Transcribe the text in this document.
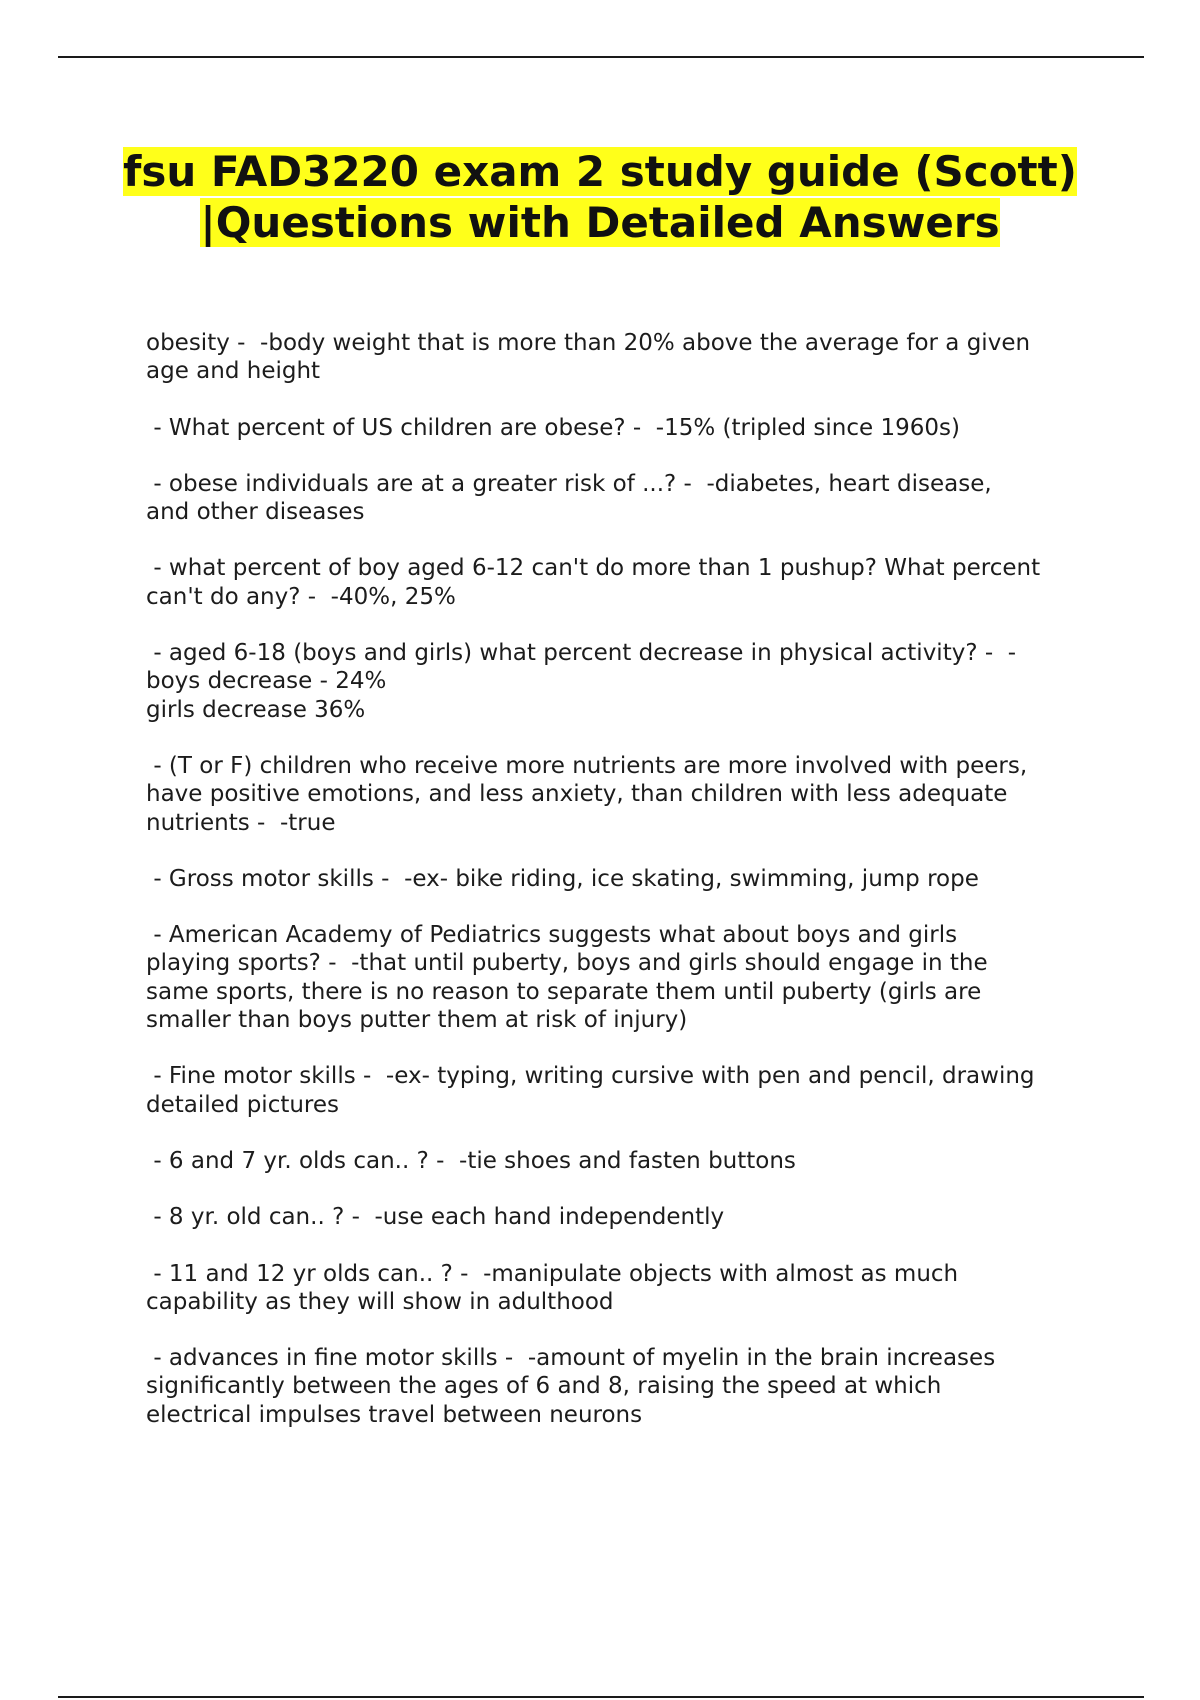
fsu FAD3220 exam 2 study guide (Scott) |Questions with Detailed Answers

obesity -  -body weight that is more than 20% above the average for a given
age and height

- What percent of US children are obese? -  -15% (tripled since 1960s)

- obese individuals are at a greater risk of ...? -  -diabetes, heart disease,
and other diseases

- what percent of boy aged 6-12 can't do more than 1 pushup? What percent
can't do any? -  -40%, 25%

- aged 6-18 (boys and girls) what percent decrease in physical activity? -  -
boys decrease - 24%
girls decrease 36%

- (T or F) children who receive more nutrients are more involved with peers,
have positive emotions, and less anxiety, than children with less adequate
nutrients -  -true

- Gross motor skills -  -ex- bike riding, ice skating, swimming, jump rope

- American Academy of Pediatrics suggests what about boys and girls
playing sports? -  -that until puberty, boys and girls should engage in the
same sports, there is no reason to separate them until puberty (girls are
smaller than boys putter them at risk of injury)

- Fine motor skills -  -ex- typing, writing cursive with pen and pencil, drawing
detailed pictures

- 6 and 7 yr. olds can.. ? -  -tie shoes and fasten buttons

- 8 yr. old can.. ? -  -use each hand independently

- 11 and 12 yr olds can.. ? -  -manipulate objects with almost as much
capability as they will show in adulthood

- advances in fine motor skills -  -amount of myelin in the brain increases
significantly between the ages of 6 and 8, raising the speed at which
electrical impulses travel between neurons
